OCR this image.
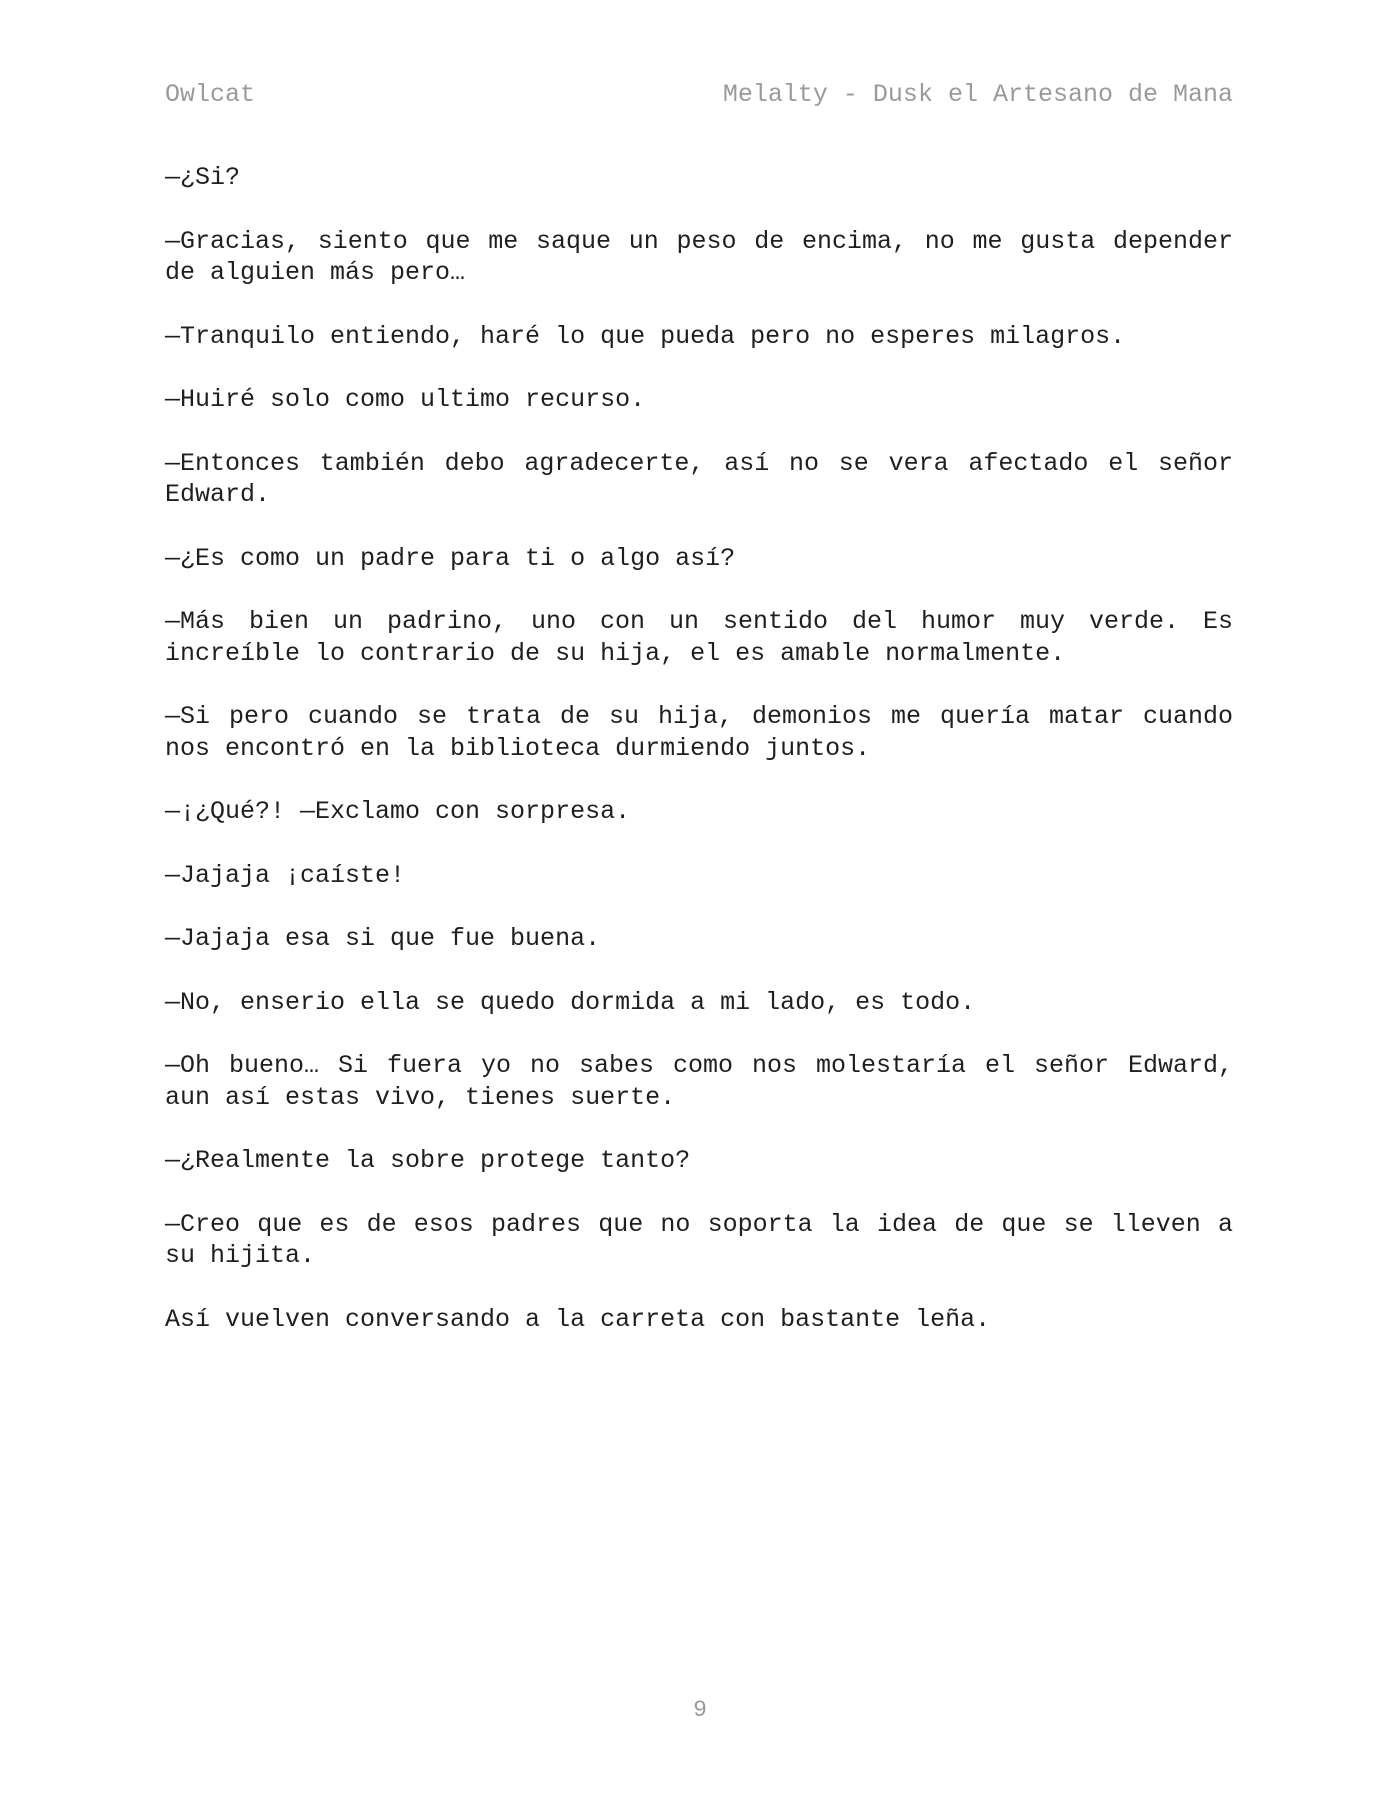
Owlcat	Melalty - Dusk el Artesano de Mana

—¿Si?

—Gracias, siento que me saque un peso de encima, no me gusta depender de alguien más pero…

—Tranquilo entiendo, haré lo que pueda pero no esperes milagros.

—Huiré solo como ultimo recurso.

—Entonces también debo agradecerte, así no se vera afectado el señor Edward.

—¿Es como un padre para ti o algo así?

—Más bien un padrino, uno con un sentido del humor muy verde. Es increíble lo contrario de su hija, el es amable normalmente.

—Si pero cuando se trata de su hija, demonios me quería matar cuando nos encontró en la biblioteca durmiendo juntos.

—¡¿Qué?! —Exclamo con sorpresa.

—Jajaja ¡caíste!

—Jajaja esa si que fue buena.

—No, enserio ella se quedo dormida a mi lado, es todo.

—Oh bueno… Si fuera yo no sabes como nos molestaría el señor Edward, aun así estas vivo, tienes suerte.

—¿Realmente la sobre protege tanto?

—Creo que es de esos padres que no soporta la idea de que se lleven a su hijita.

Así vuelven conversando a la carreta con bastante leña.

9
